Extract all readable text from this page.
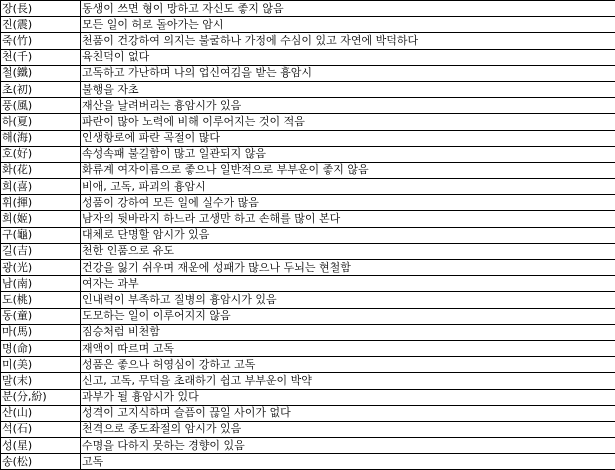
장(長)	동생이 쓰면 형이 망하고 자신도 좋지 않음
진(震)	모든 일이 허로 돌아가는 암시
죽(竹)	천품이 건강하여 의지는 불굴하나 가정에 수심이 있고 자연에 박덕하다
천(千)	육친덕이 없다
철(鐵)	고독하고 가난하며 나의 업신여김을 받는 흉암시
초(初)	불행을 자초
풍(風)	재산을 날려버리는 흉암시가 있음
하(夏)	파란이 많아 노력에 비해 이루어지는 것이 적음
해(海)	인생항로에 파란 곡절이 많다
호(好)	속성속패 불길함이 많고 일관되지 않음
화(花)	화류계 여자이름으로 좋으나 일반적으로 부부운이 좋지 않음
희(喜)	비애, 고독, 파괴의 흉암시
휘(揮)	성품이 강하여 모든 일에 실수가 많음
희(姬)	남자의 뒷바라지 하느라 고생만 하고 손해를 많이 본다
구(龜)	대체로 단명할 암시가 있음
길(吉)	천한 인품으로 유도
광(光)	건강을 잃기 쉬우며 재운에 성패가 많으나 두뇌는 현철함
남(南)	여자는 과부
도(桃)	인내력이 부족하고 질병의 흉암시가 있음
동(童)	도모하는 일이 이루어지지 않음
마(馬)	짐승처럼 비천함
명(命)	재액이 따르며 고독
미(美)	성품은 좋으나 허영심이 강하고 고독
말(末)	신고, 고독, 무덕을 초래하기 쉽고 부부운이 박약
분(分,紛)	과부가 될 흉암시가 있다
산(山)	성격이 고지식하며 슬픔이 끊일 사이가 없다
석(石)	천격으로 종도좌절의 암시가 있음
성(星)	수명을 다하지 못하는 경향이 있음
송(松)	고독
